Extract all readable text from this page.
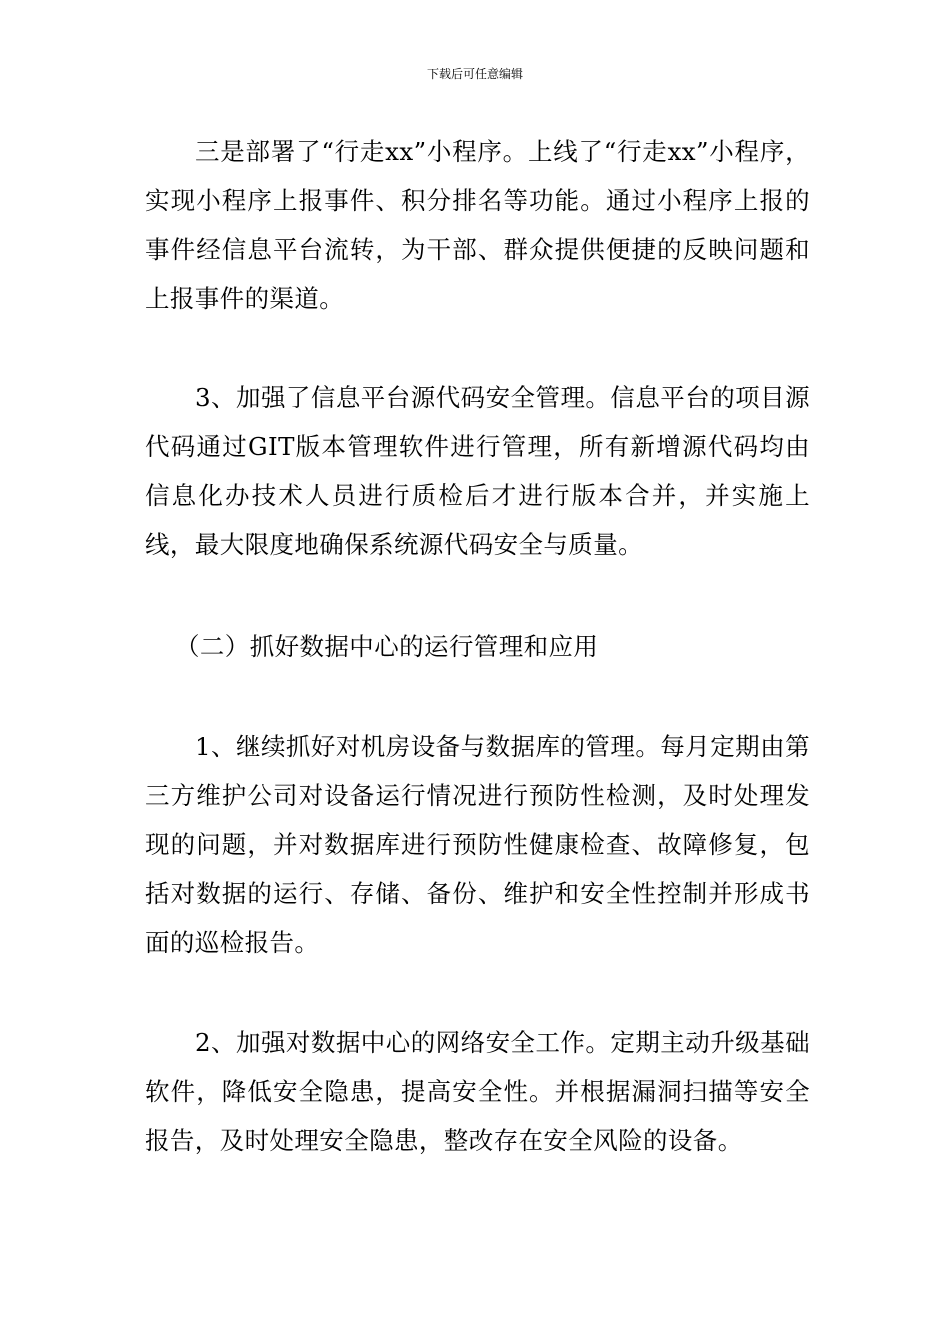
下载后可任意编辑

三是部署了“行走xx”小程序。上线了“行走xx”小程序，实现小程序上报事件、积分排名等功能。通过小程序上报的事件经信息平台流转，为干部、群众提供便捷的反映问题和上报事件的渠道。

3、加强了信息平台源代码安全管理。信息平台的项目源代码通过GIT版本管理软件进行管理，所有新增源代码均由信息化办技术人员进行质检后才进行版本合并，并实施上线，最大限度地确保系统源代码安全与质量。

（二）抓好数据中心的运行管理和应用

1、继续抓好对机房设备与数据库的管理。每月定期由第三方维护公司对设备运行情况进行预防性检测，及时处理发现的问题，并对数据库进行预防性健康检查、故障修复，包括对数据的运行、存储、备份、维护和安全性控制并形成书面的巡检报告。

2、加强对数据中心的网络安全工作。定期主动升级基础软件，降低安全隐患，提高安全性。并根据漏洞扫描等安全报告，及时处理安全隐患，整改存在安全风险的设备。
